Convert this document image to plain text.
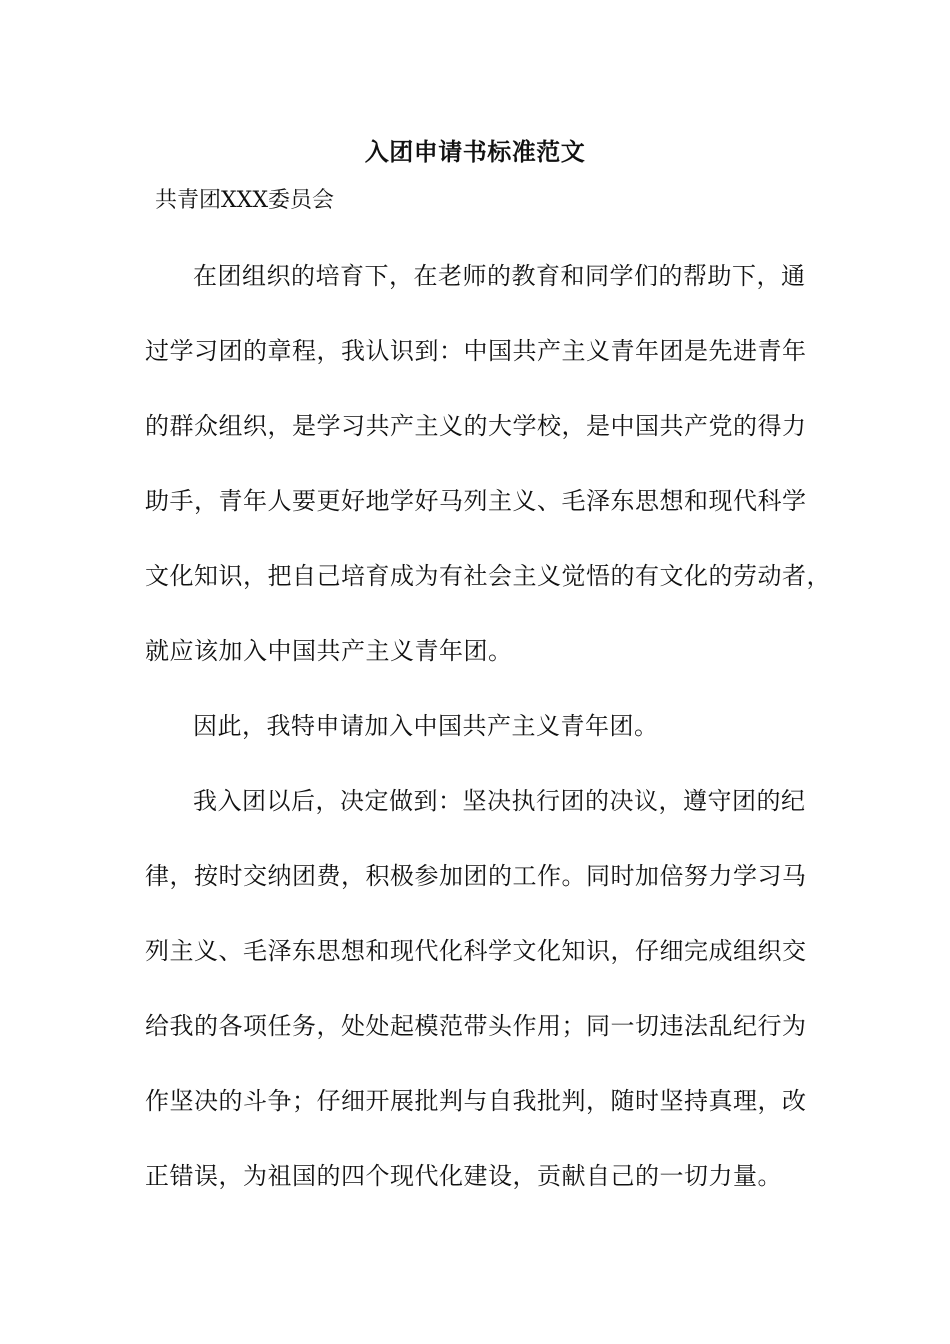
入团申请书标准范文
共青团XXX委员会
在团组织的培育下，在老师的教育和同学们的帮助下，通
过学习团的章程，我认识到：中国共产主义青年团是先进青年
的群众组织，是学习共产主义的大学校，是中国共产党的得力
助手，青年人要更好地学好马列主义、毛泽东思想和现代科学
文化知识，把自己培育成为有社会主义觉悟的有文化的劳动者，
就应该加入中国共产主义青年团。
因此，我特申请加入中国共产主义青年团。
我入团以后，决定做到：坚决执行团的决议，遵守团的纪
律，按时交纳团费，积极参加团的工作。同时加倍努力学习马
列主义、毛泽东思想和现代化科学文化知识，仔细完成组织交
给我的各项任务，处处起模范带头作用；同一切违法乱纪行为
作坚决的斗争；仔细开展批判与自我批判，随时坚持真理，改
正错误，为祖国的四个现代化建设，贡献自己的一切力量。
